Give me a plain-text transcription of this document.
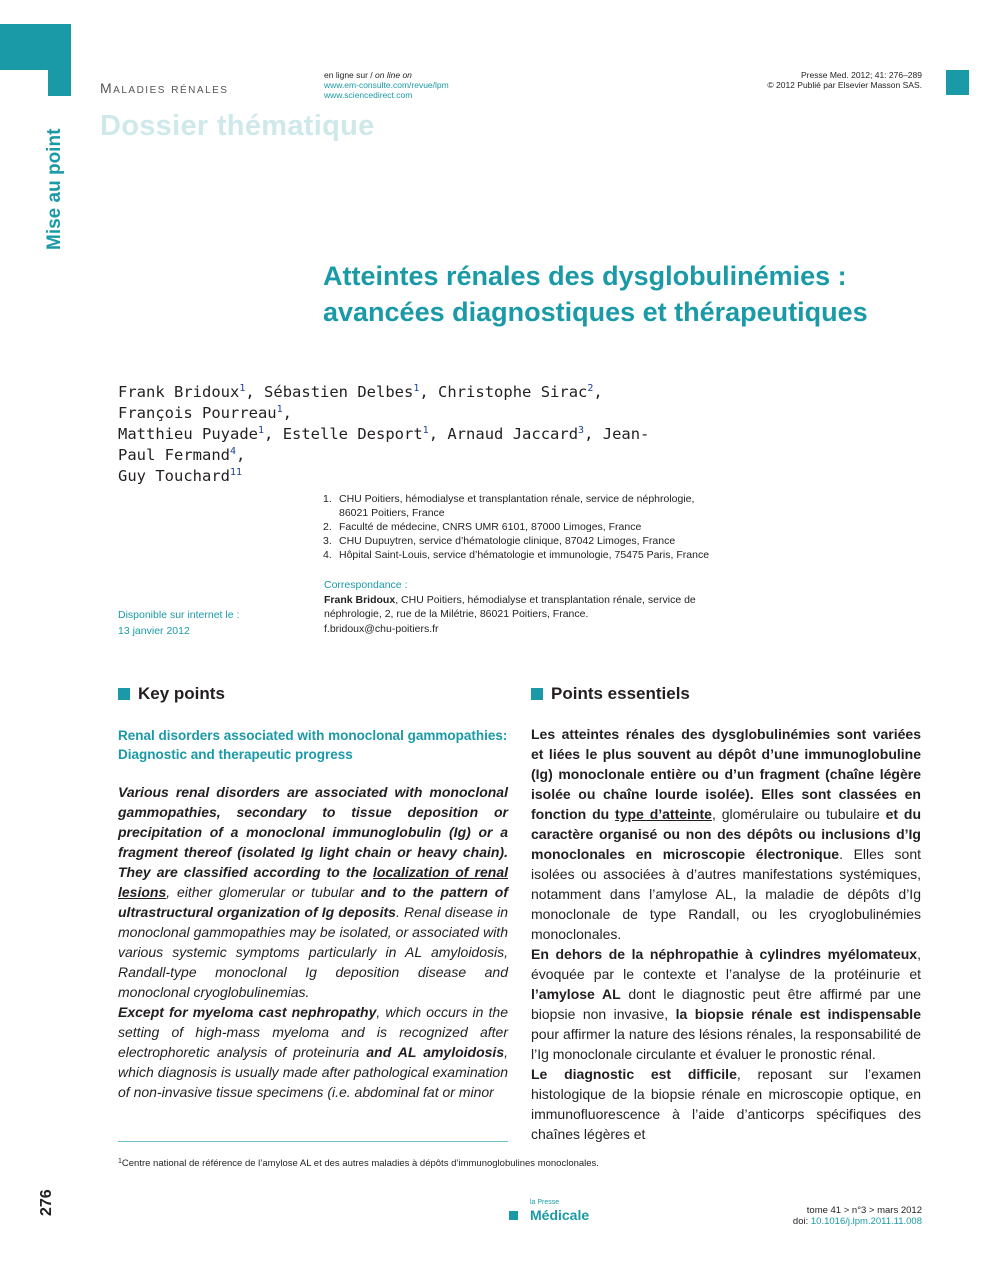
Maladies rénales
Dossier thématique
Mise au point
en ligne sur / on line on
www.em-consulte.com/revue/lpm
www.sciencedirect.com
Presse Med. 2012; 41: 276–289
© 2012 Publié par Elsevier Masson SAS.
Atteintes rénales des dysglobulinémies :
avancées diagnostiques et thérapeutiques
Frank Bridoux$^1$, Sébastien Delbes$^1$, Christophe Sirac$^2$, François Pourreau$^1$,
Matthieu Puyade$^1$, Estelle Desport$^1$, Arnaud Jaccard$^3$, Jean-Paul Fermand$^4$,
Guy Touchard$^{11}$
1. CHU Poitiers, hémodialyse et transplantation rénale, service de néphrologie,
86021 Poitiers, France
2. Faculté de médecine, CNRS UMR 6101, 87000 Limoges, France
3. CHU Dupuytren, service d’hématologie clinique, 87042 Limoges, France
4. Hôpital Saint-Louis, service d’hématologie et immunologie, 75475 Paris, France
Correspondance :
Frank Bridoux, CHU Poitiers, hémodialyse et transplantation rénale, service de
néphrologie, 2, rue de la Milétrie, 86021 Poitiers, France.
f.bridoux@chu-poitiers.fr
Disponible sur internet le :
13 janvier 2012
Key points	Points essentiels
Renal disorders associated with monoclonal gammopathies: Diagnostic and therapeutic progress

Various renal disorders are associated with monoclonal gammopathies, secondary to tissue deposition or precipitation of a monoclonal immunoglobulin (Ig) or a fragment thereof (isolated Ig light chain or heavy chain). They are classified according to the localization of renal lesions, either glomerular or tubular and to the pattern of ultrastructural organization of Ig deposits. Renal disease in monoclonal gammopathies may be isolated, or associated with various systemic symptoms particularly in AL amyloidosis, Randall-type monoclonal Ig deposition disease and monoclonal cryoglobulinemias.

Except for myeloma cast nephropathy, which occurs in the setting of high-mass myeloma and is recognized after electrophoretic analysis of proteinuria and AL amyloidosis, which diagnosis is usually made after pathological examination of non-invasive tissue specimens (i.e. abdominal fat or minor

Les atteintes rénales des dysglobulinémies sont variées et liées le plus souvent au dépôt d’une immunoglobuline (Ig) monoclonale entière ou d’un fragment (chaîne légère isolée ou chaîne lourde isolée). Elles sont classées en fonction du type d’atteinte, glomérulaire ou tubulaire et du caractère organisé ou non des dépôts ou inclusions d’Ig monoclonales en microscopie électronique. Elles sont isolées ou associées à d’autres manifestations systémiques, notamment dans l’amylose AL, la maladie de dépôts d’Ig monoclonale de type Randall, ou les cryoglobulinémies monoclonales.

En dehors de la néphropathie à cylindres myélomateux, évoquée par le contexte et l’analyse de la protéinurie et l’amylose AL dont le diagnostic peut être affirmé par une biopsie non invasive, la biopsie rénale est indispensable pour affirmer la nature des lésions rénales, la responsabilité de l’Ig monoclonale circulante et évaluer le pronostic rénal.

Le diagnostic est difficile, reposant sur l’examen histologique de la biopsie rénale en microscopie optique, en immunofluorescence à l’aide d’anticorps spécifiques des chaînes légères et

$^1$Centre national de référence de l’amylose AL et des autres maladies à dépôts d’immunoglobulines monoclonales.
276	la Presse
Médicale	tome 41 > n°3 > mars 2012
doi: 10.1016/j.lpm.2011.11.008
